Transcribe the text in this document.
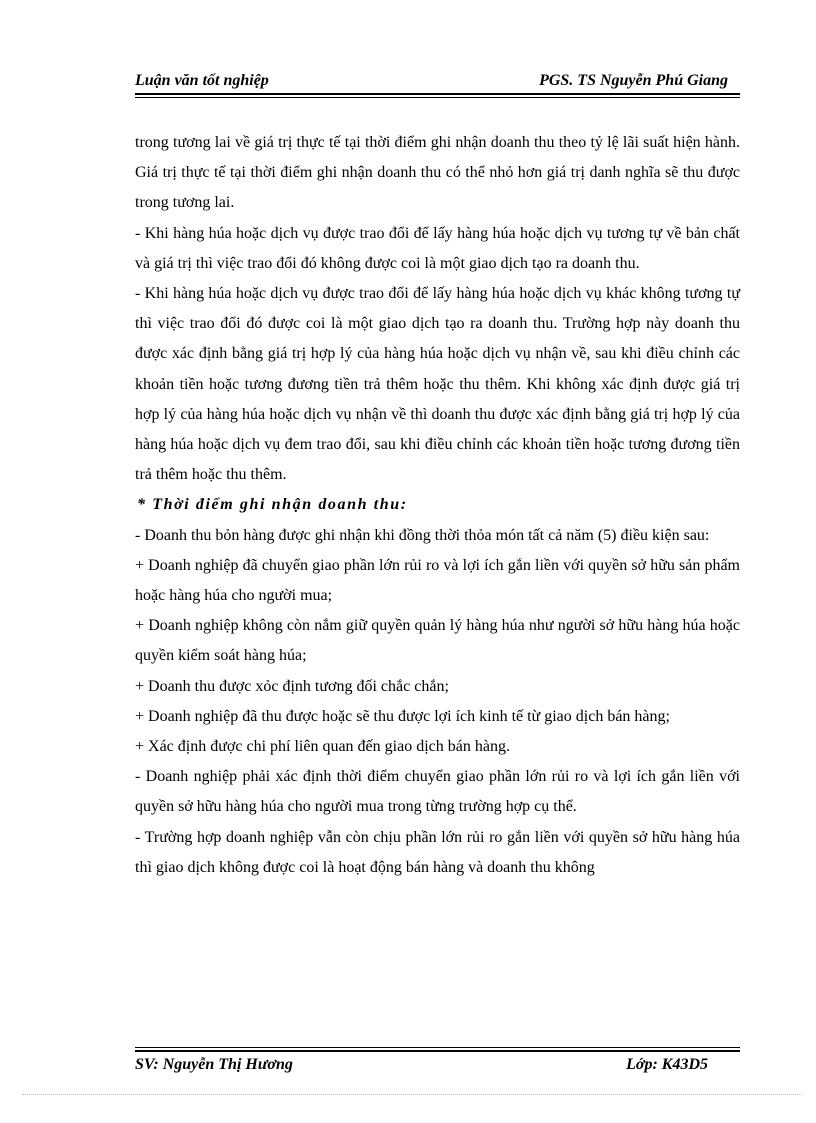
Luận văn tốt nghiệp	PGS. TS Nguyễn Phú Giang

trong tương lai về giá trị thực tế tại thời điểm ghi nhận doanh thu theo tỷ lệ lãi suất hiện hành. Giá trị thực tế tại thời điểm ghi nhận doanh thu có thể nhỏ hơn giá trị danh nghĩa sẽ thu được trong tương lai.

- Khi hàng húa hoặc dịch vụ được trao đổi để lấy hàng húa hoặc dịch vụ tương tự về bản chất và giá trị thì việc trao đổi đó không được coi là một giao dịch tạo ra doanh thu.

- Khi hàng húa hoặc dịch vụ được trao đổi để lấy hàng húa hoặc dịch vụ khác không tương tự thì việc trao đổi đó được coi là một giao dịch tạo ra doanh thu. Trường hợp này doanh thu được xác định bằng giá trị hợp lý của hàng húa hoặc dịch vụ nhận về, sau khi điều chỉnh các khoản tiền hoặc tương đương tiền trả thêm hoặc thu thêm. Khi không xác định được giá trị hợp lý của hàng húa hoặc dịch vụ nhận về thì doanh thu được xác định bằng giá trị hợp lý của hàng húa hoặc dịch vụ đem trao đổi, sau khi điều chỉnh các khoản tiền hoặc tương đương tiền trả thêm hoặc thu thêm.

* Thời điểm ghi nhận doanh thu:

- Doanh thu bỏn hàng được ghi nhận khi đồng thời thỏa món tất cả năm (5) điều kiện sau:

+ Doanh nghiệp đã chuyển giao phần lớn rủi ro và lợi ích gắn liền với quyền sở hữu sản phẩm hoặc hàng húa cho người mua;

+ Doanh nghiệp không còn nắm giữ quyền quản lý hàng húa như người sở hữu hàng húa hoặc quyền kiểm soát hàng húa;

+ Doanh thu được xỏc định tương đối chắc chắn;

+ Doanh nghiệp đã thu được hoặc sẽ thu được lợi ích kinh tế từ giao dịch bán hàng;

+ Xác định được chi phí liên quan đến giao dịch bán hàng.

- Doanh nghiệp phải xác định thời điểm chuyển giao phần lớn rủi ro và lợi ích gắn liền với quyền sở hữu hàng húa cho người mua trong từng trường hợp cụ thể.

- Trường hợp doanh nghiệp vẫn còn chịu phần lớn rủi ro gắn liền với quyền sở hữu hàng húa thì giao dịch không được coi là hoạt động bán hàng và doanh thu không

SV: Nguyễn Thị Hương	Lớp: K43D5
